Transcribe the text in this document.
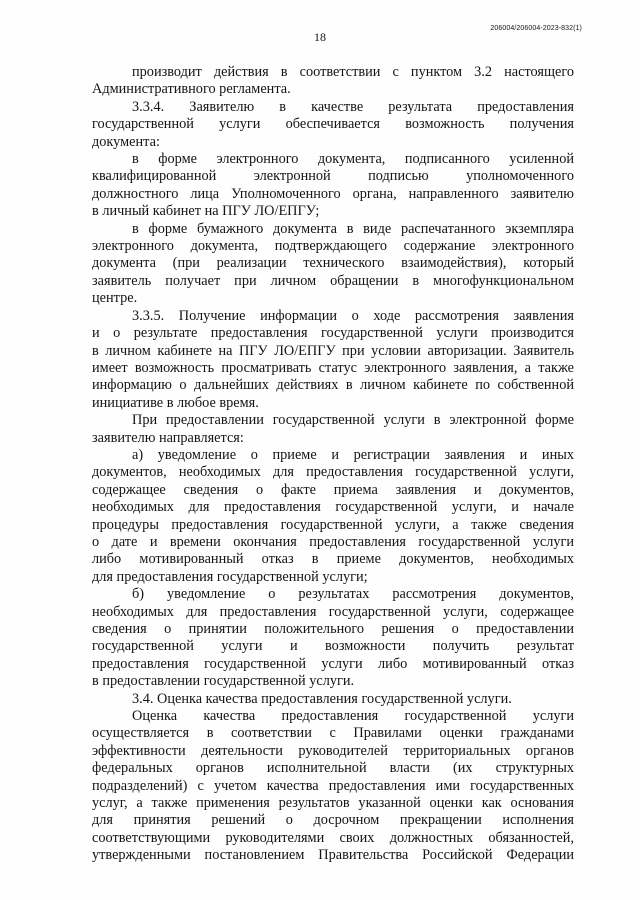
18
206004/206004-2023-832(1)

производит действия в соответствии с пунктом 3.2 настоящего

Административного регламента.

3.3.4. Заявителю в качестве результата предоставления

государственной услуги обеспечивается возможность получения

документа:

в форме электронного документа, подписанного усиленной

квалифицированной электронной подписью уполномоченного

должностного лица Уполномоченного органа, направленного заявителю

в личный кабинет на ПГУ ЛО/ЕПГУ;

в форме бумажного документа в виде распечатанного экземпляра

электронного документа, подтверждающего содержание электронного

документа (при реализации технического взаимодействия), который

заявитель получает при личном обращении в многофункциональном

центре.

3.3.5. Получение информации о ходе рассмотрения заявления

и о результате предоставления государственной услуги производится

в личном кабинете на ПГУ ЛО/ЕПГУ при условии авторизации. Заявитель

имеет возможность просматривать статус электронного заявления, а также

информацию о дальнейших действиях в личном кабинете по собственной

инициативе в любое время.

При предоставлении государственной услуги в электронной форме

заявителю направляется:

а) уведомление о приеме и регистрации заявления и иных

документов, необходимых для предоставления государственной услуги,

содержащее сведения о факте приема заявления и документов,

необходимых для предоставления государственной услуги, и начале

процедуры предоставления государственной услуги, а также сведения

о дате и времени окончания предоставления государственной услуги

либо мотивированный отказ в приеме документов, необходимых

для предоставления государственной услуги;

б) уведомление о результатах рассмотрения документов,

необходимых для предоставления государственной услуги, содержащее

сведения о принятии положительного решения о предоставлении

государственной услуги и возможности получить результат

предоставления государственной услуги либо мотивированный отказ

в предоставлении государственной услуги.

3.4. Оценка качества предоставления государственной услуги.

Оценка качества предоставления государственной услуги

осуществляется в соответствии с Правилами оценки гражданами

эффективности деятельности руководителей территориальных органов

федеральных органов исполнительной власти (их структурных

подразделений) с учетом качества предоставления ими государственных

услуг, а также применения результатов указанной оценки как основания

для принятия решений о досрочном прекращении исполнения

соответствующими руководителями своих должностных обязанностей,

утвержденными постановлением Правительства Российской Федерации
